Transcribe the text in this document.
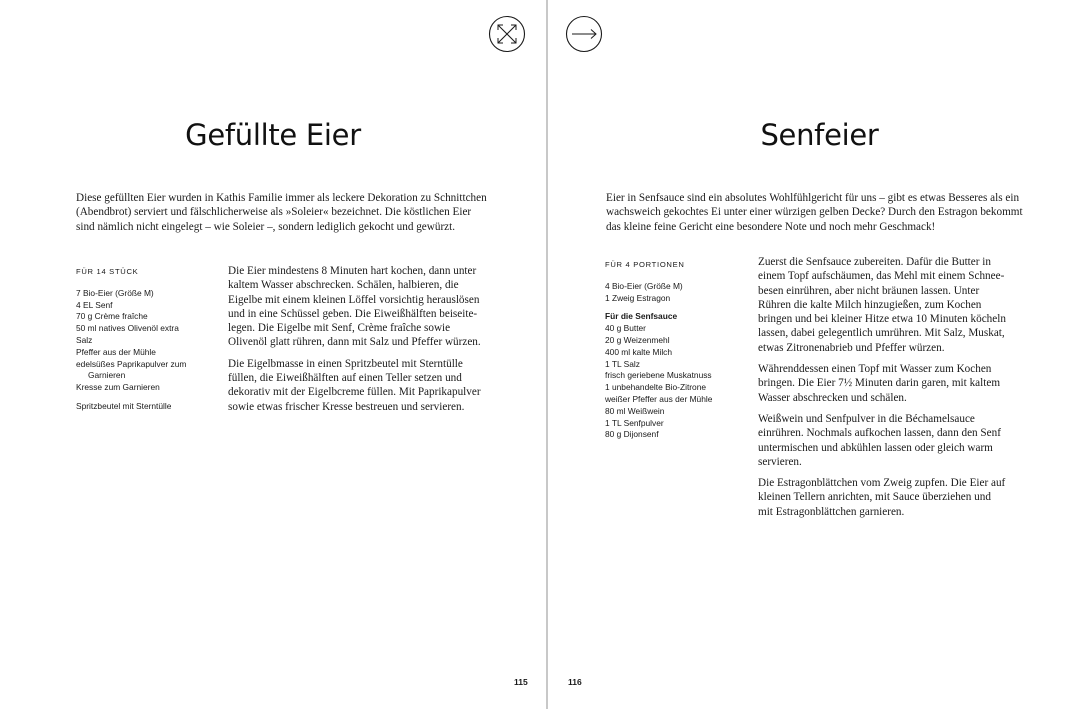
Gefüllte Eier

Diese gefüllten Eier wurden in Kathis Familie immer als leckere Dekoration zu Schnittchen
(Abendbrot) serviert und fälschlicherweise als »Soleier« bezeichnet. Die köstlichen Eier
sind nämlich nicht eingelegt – wie Soleier –, sondern lediglich gekocht und gewürzt.

FÜR 14 STÜCK
7 Bio-Eier (Größe M)
4 EL Senf
70 g Crème fraîche
50 ml natives Olivenöl extra
Salz
Pfeffer aus der Mühle
edelsüßes Paprikapulver zum Garnieren
Kresse zum Garnieren
Spritzbeutel mit Sterntülle

Die Eier mindestens 8 Minuten hart kochen, dann unter
kaltem Wasser abschrecken. Schälen, halbieren, die
Eigelbe mit einem kleinen Löffel vorsichtig herauslösen
und in eine Schüssel geben. Die Eiweißhälften beiseite-
legen. Die Eigelbe mit Senf, Crème fraîche sowie
Olivenöl glatt rühren, dann mit Salz und Pfeffer würzen.

Die Eigelbmasse in einen Spritzbeutel mit Sterntülle
füllen, die Eiweißhälften auf einen Teller setzen und
dekorativ mit der Eigelbcreme füllen. Mit Paprikapulver
sowie etwas frischer Kresse bestreuen und servieren.

115
Senfeier

Eier in Senfsauce sind ein absolutes Wohlfühlgericht für uns – gibt es etwas Besseres als ein
wachsweich gekochtes Ei unter einer würzigen gelben Decke? Durch den Estragon bekommt
das kleine feine Gericht eine besondere Note und noch mehr Geschmack!

FÜR 4 PORTIONEN
4 Bio-Eier (Größe M)
1 Zweig Estragon
Für die Senfsauce
40 g Butter
20 g Weizenmehl
400 ml kalte Milch
1 TL Salz
frisch geriebene Muskatnuss
1 unbehandelte Bio-Zitrone
weißer Pfeffer aus der Mühle
80 ml Weißwein
1 TL Senfpulver
80 g Dijonsenf

Zuerst die Senfsauce zubereiten. Dafür die Butter in
einem Topf aufschäumen, das Mehl mit einem Schnee-
besen einrühren, aber nicht bräunen lassen. Unter
Rühren die kalte Milch hinzugießen, zum Kochen
bringen und bei kleiner Hitze etwa 10 Minuten köcheln
lassen, dabei gelegentlich umrühren. Mit Salz, Muskat,
etwas Zitronenabrieb und Pfeffer würzen.

Währenddessen einen Topf mit Wasser zum Kochen
bringen. Die Eier 7½ Minuten darin garen, mit kaltem
Wasser abschrecken und schälen.

Weißwein und Senfpulver in die Béchamelsauce
einrühren. Nochmals aufkochen lassen, dann den Senf
untermischen und abkühlen lassen oder gleich warm
servieren.

Die Estragonblättchen vom Zweig zupfen. Die Eier auf
kleinen Tellern anrichten, mit Sauce überziehen und
mit Estragonblättchen garnieren.

116
